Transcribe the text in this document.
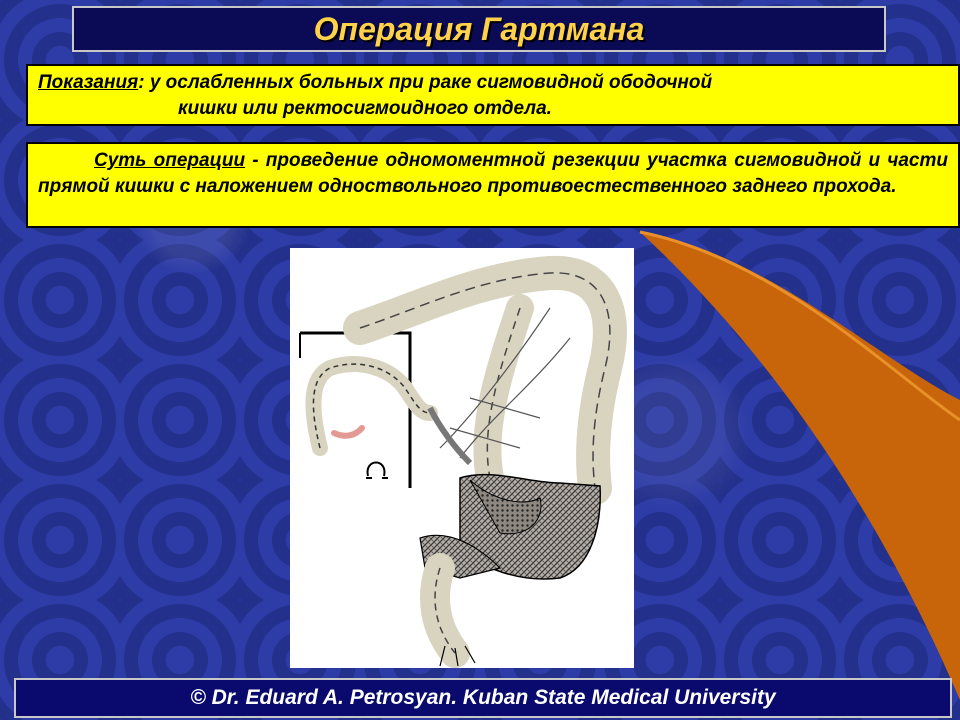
Операция Гартмана
Показания: у ослабленных больных при раке сигмовидной ободочной
кишки или ректосигмоидного отдела.
Суть операции - проведение одномоментной резекции участка сигмовидной и части прямой кишки с наложением одноствольного противоестественного заднего прохода.
© Dr. Eduard A. Petrosyan. Kuban State Medical University
